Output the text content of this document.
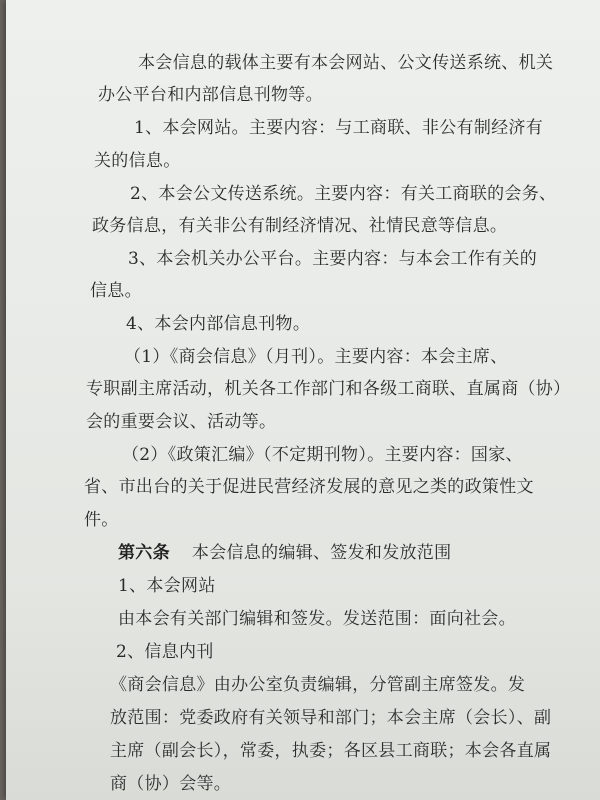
本会信息的载体主要有本会网站、公文传送系统、机关
办公平台和内部信息刊物等。
1、本会网站。主要内容：与工商联、非公有制经济有
关的信息。
2、本会公文传送系统。主要内容：有关工商联的会务、
政务信息，有关非公有制经济情况、社情民意等信息。
3、本会机关办公平台。主要内容：与本会工作有关的
信息。
4、本会内部信息刊物。
（1）《商会信息》（月刊）。主要内容：本会主席、
专职副主席活动，机关各工作部门和各级工商联、直属商（协）
会的重要会议、活动等。
（2）《政策汇编》（不定期刊物）。主要内容：国家、
省、市出台的关于促进民营经济发展的意见之类的政策性文
件。
第六条 本会信息的编辑、签发和发放范围
1、本会网站
由本会有关部门编辑和签发。发送范围：面向社会。
2、信息内刊
《商会信息》由办公室负责编辑，分管副主席签发。发
放范围：党委政府有关领导和部门；本会主席（会长）、副
主席（副会长），常委，执委；各区县工商联；本会各直属
商（协）会等。
